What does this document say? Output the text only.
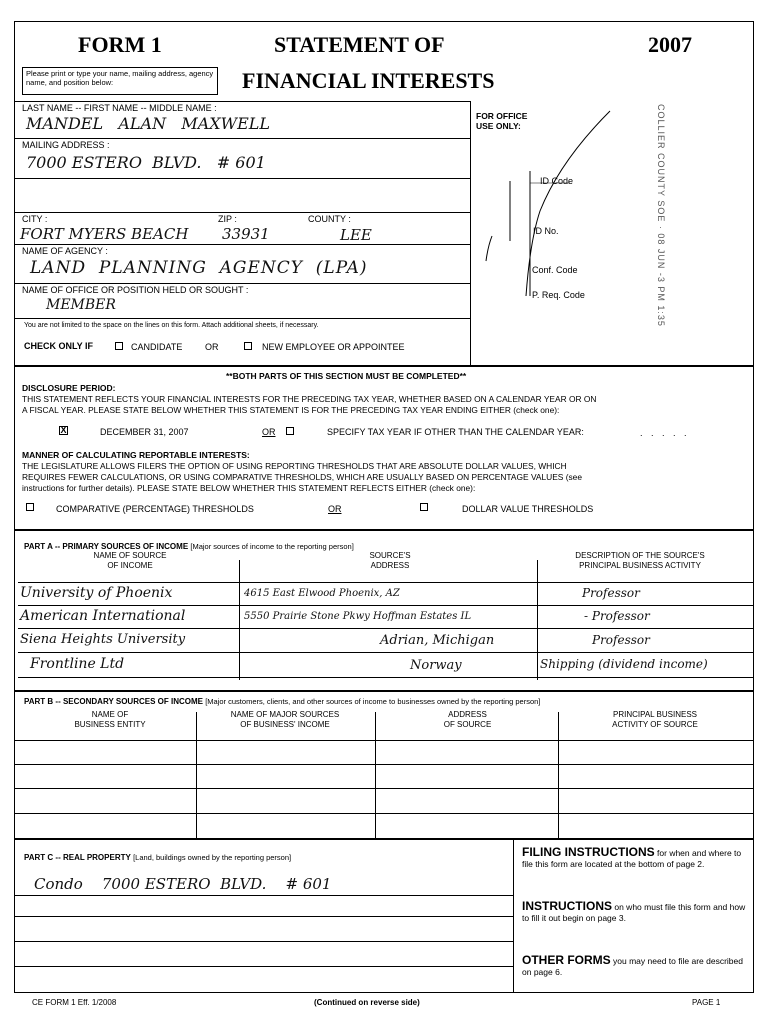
FORM 1	STATEMENT OF	2007
FINANCIAL INTERESTS
Please print or type your name, mailing address, agency name, and position below:
LAST NAME -- FIRST NAME -- MIDDLE NAME :
MANDEL   ALAN   MAXWELL
MAILING ADDRESS :
7000 ESTERO  BLVD.   # 601
CITY :	ZIP :	COUNTY :
FORT MYERS BEACH 33931	LEE
NAME OF AGENCY :
LAND  PLANNING  AGENCY  (LPA)
NAME OF OFFICE OR POSITION HELD OR SOUGHT :
MEMBER
You are not limited to the space on the lines on this form. Attach additional sheets, if necessary.
CHECK ONLY IF	CANDIDATE	OR	NEW EMPLOYEE OR APPOINTEE
FOR OFFICE USE ONLY:
ID Code
ID No.
Conf. Code
P. Req. Code	COLLIER COUNTY SOE · 08 JUN -3 PM 1:35
**BOTH PARTS OF THIS SECTION MUST BE COMPLETED**
DISCLOSURE PERIOD:
THIS STATEMENT REFLECTS YOUR FINANCIAL INTERESTS FOR THE PRECEDING TAX YEAR, WHETHER BASED ON A CALENDAR YEAR OR ON
A FISCAL YEAR. PLEASE STATE BELOW WHETHER THIS STATEMENT IS FOR THE PRECEDING TAX YEAR ENDING EITHER (check one):
X	DECEMBER 31, 2007	OR	SPECIFY TAX YEAR IF OTHER THAN THE CALENDAR YEAR:	. . . . .
MANNER OF CALCULATING REPORTABLE INTERESTS:
THE LEGISLATURE ALLOWS FILERS THE OPTION OF USING REPORTING THRESHOLDS THAT ARE ABSOLUTE DOLLAR VALUES, WHICH
REQUIRES FEWER CALCULATIONS, OR USING COMPARATIVE THRESHOLDS, WHICH ARE USUALLY BASED ON PERCENTAGE VALUES (see
instructions for further details). PLEASE STATE BELOW WHETHER THIS STATEMENT REFLECTS EITHER (check one):
COMPARATIVE (PERCENTAGE) THRESHOLDS	OR	DOLLAR VALUE THRESHOLDS
PART A -- PRIMARY SOURCES OF INCOME [Major sources of income to the reporting person]
NAME OF SOURCE
OF INCOME
SOURCE'S
ADDRESS
DESCRIPTION OF THE SOURCE'S
PRINCIPAL BUSINESS ACTIVITY
University of Phoenix	4615 East Elwood Phoenix, AZ	Professor
American International	5550 Prairie Stone Pkwy Hoffman Estates IL	- Professor
Siena Heights University	Adrian, Michigan	Professor
Frontline Ltd	Norway	Shipping (dividend income)
PART B -- SECONDARY SOURCES OF INCOME [Major customers, clients, and other sources of income to businesses owned by the reporting person]
NAME OF
BUSINESS ENTITY
NAME OF MAJOR SOURCES
OF BUSINESS' INCOME
ADDRESS
OF SOURCE
PRINCIPAL BUSINESS
ACTIVITY OF SOURCE
PART C -- REAL PROPERTY [Land, buildings owned by the reporting person]
Condo    7000 ESTERO  BLVD.    # 601
FILING INSTRUCTIONS for when and where to file this form are located at the bottom of page 2.
INSTRUCTIONS on who must file this form and how to fill it out begin on page 3.
OTHER FORMS you may need to file are described on page 6.
CE FORM 1 Eff. 1/2008	(Continued on reverse side)	PAGE 1
